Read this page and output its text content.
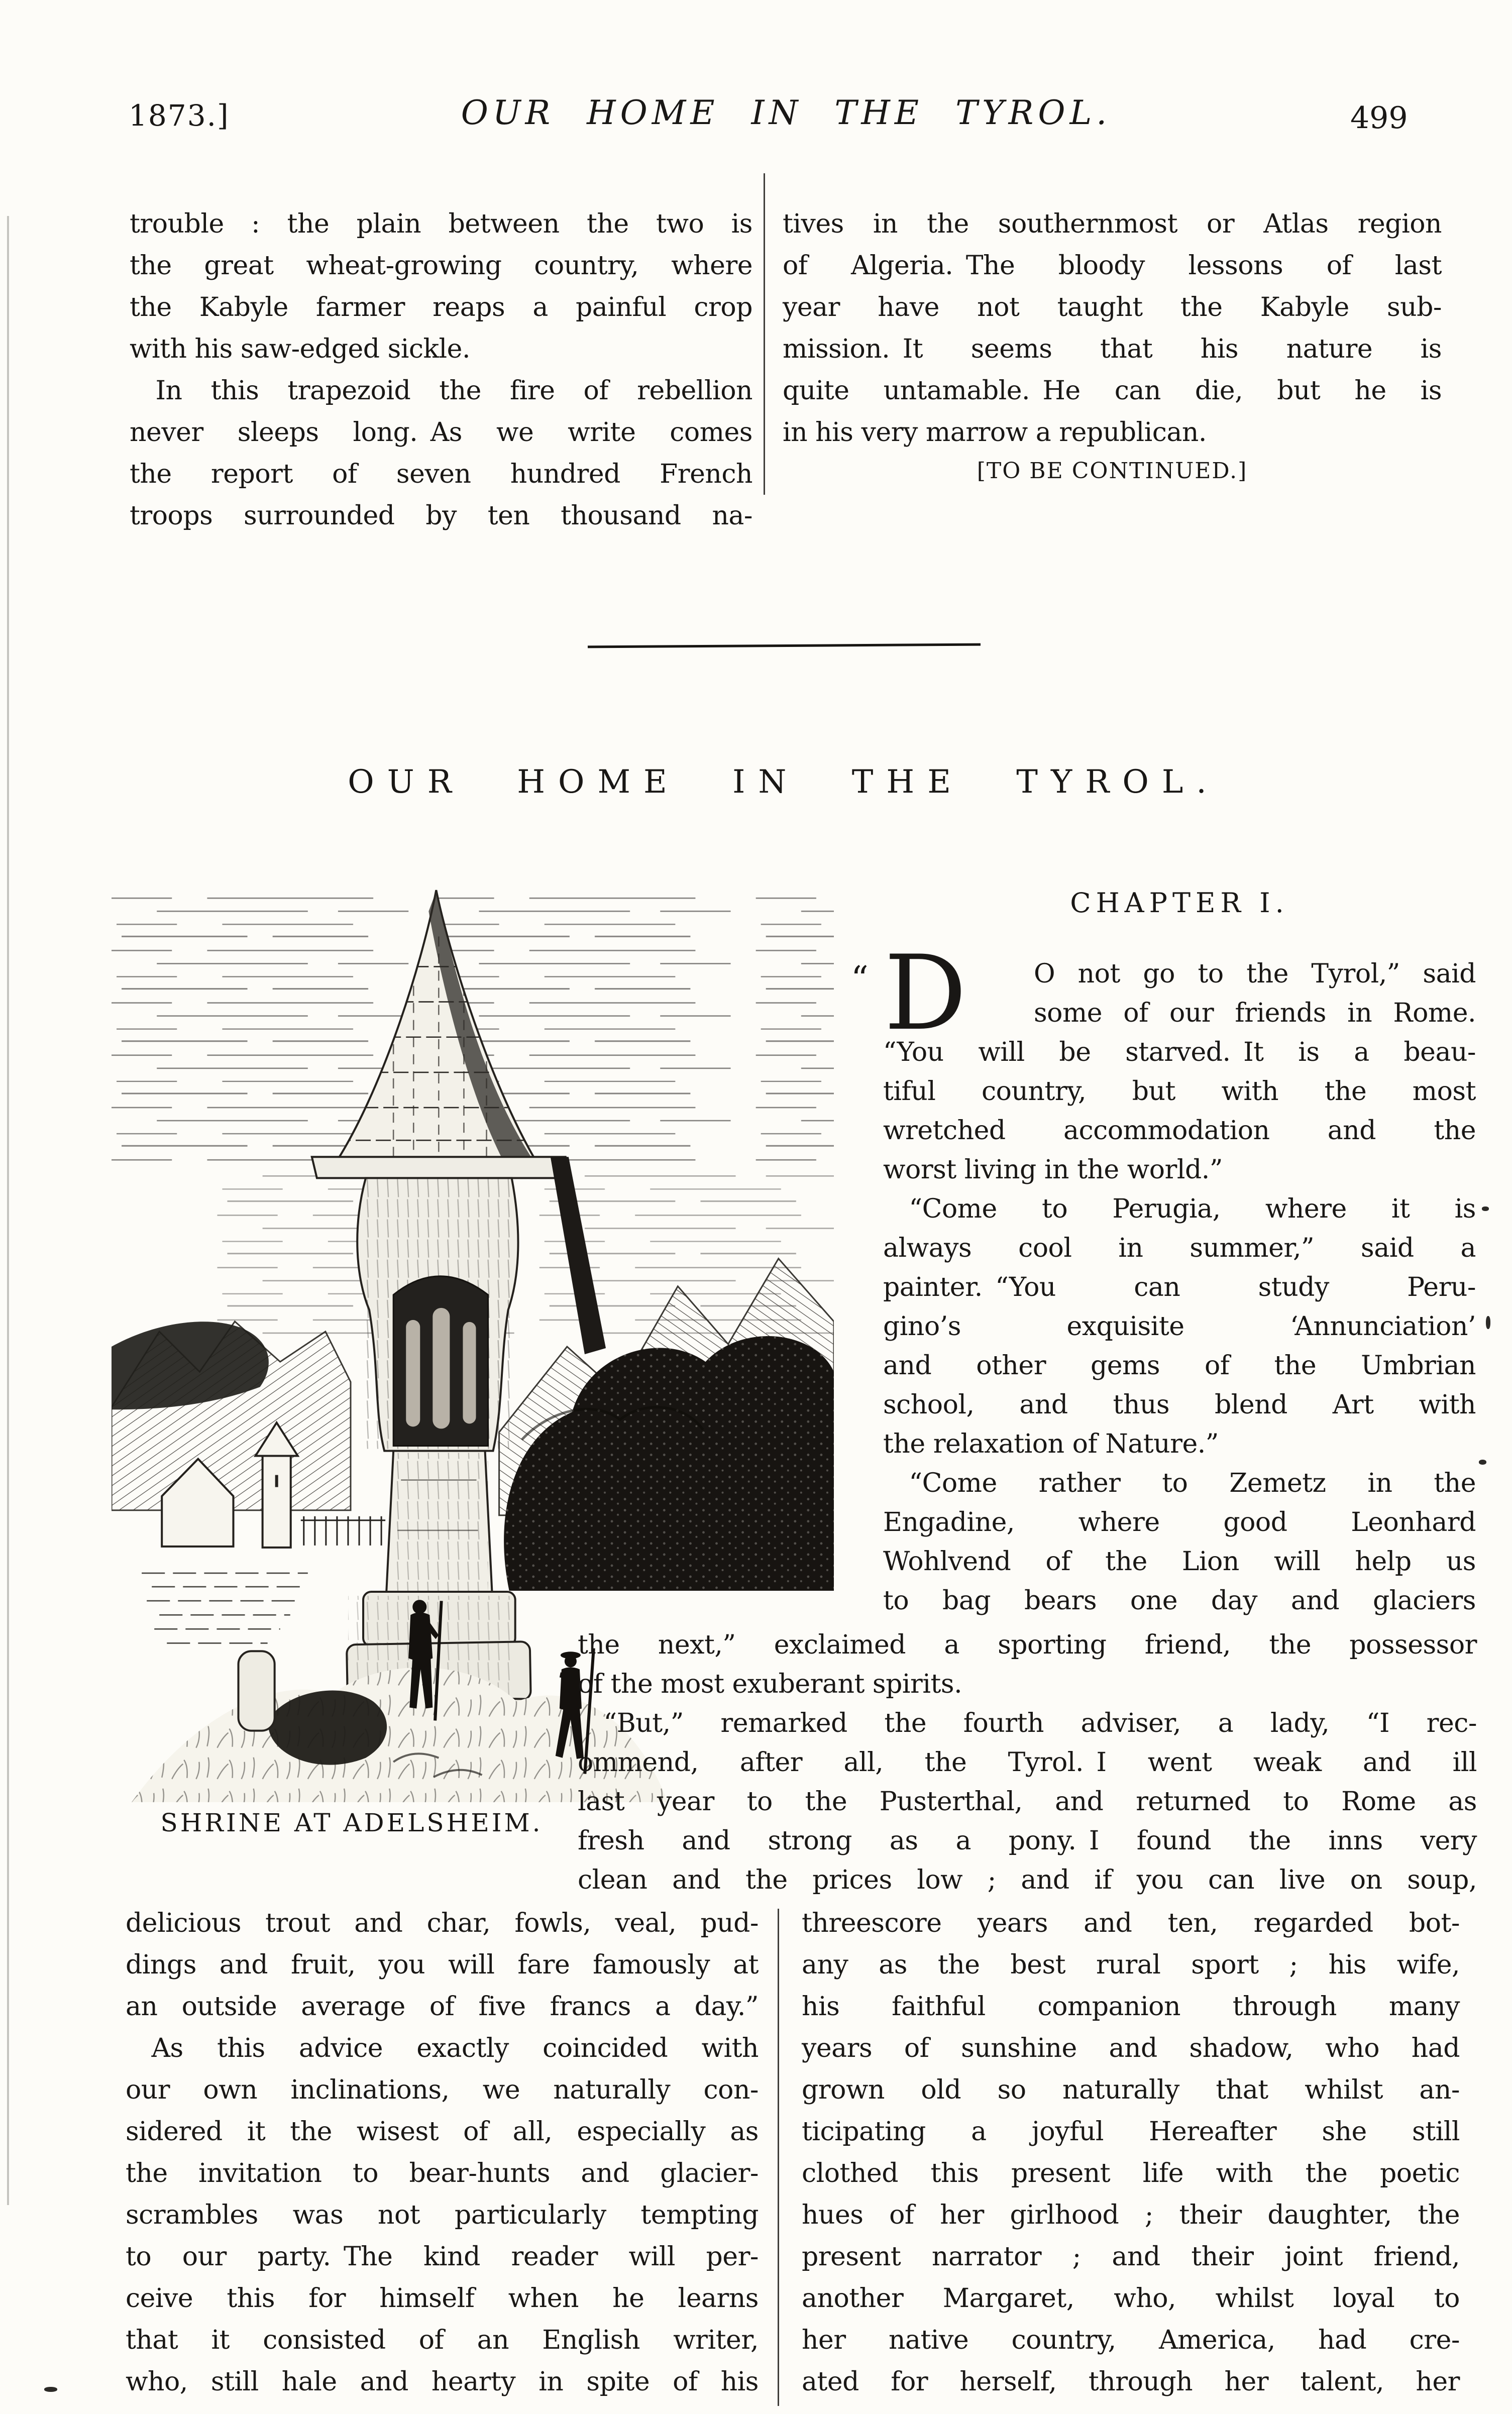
1873.]	OUR HOME IN THE TYROL.	499
trouble : the plain between the two is
the great wheat-growing country, where
the Kabyle farmer reaps a painful crop
with his saw-edged sickle.
 In this trapezoid the fire of rebellion
never sleeps long. As we write comes
the report of seven hundred French
troops surrounded by ten thousand na-
tives in the southernmost or Atlas region
of Algeria. The bloody lessons of last
year have not taught the Kabyle sub-
mission. It seems that his nature is
quite untamable. He can die, but he is
in his very marrow a republican.
[TO BE CONTINUED.]
OUR HOME IN THE TYROL.
CHAPTER I.
SHRINE AT ADELSHEIM.
“ D	O not go to the Tyrol,” said
some of our friends in Rome.
“You will be starved. It is a beau-
tiful country, but with the most
wretched accommodation and the
worst living in the world.”
 “Come to Perugia, where it is
always cool in summer,” said a
painter. “You can study Peru-
gino’s exquisite ‘Annunciation’
and other gems of the Umbrian
school, and thus blend Art with
the relaxation of Nature.”
 “Come rather to Zemetz in the
Engadine, where good Leonhard
Wohlvend of the Lion will help us
to bag bears one day and glaciers
the next,” exclaimed a sporting friend, the possessor
of the most exuberant spirits.
 “But,” remarked the fourth adviser, a lady, “I rec-
ommend, after all, the Tyrol. I went weak and ill
last year to the Pusterthal, and returned to Rome as
fresh and strong as a pony. I found the inns very
clean and the prices low ; and if you can live on soup,
delicious trout and char, fowls, veal, pud-
dings and fruit, you will fare famously at
an outside average of five francs a day.”
 As this advice exactly coincided with
our own inclinations, we naturally con-
sidered it the wisest of all, especially as
the invitation to bear-hunts and glacier-
scrambles was not particularly tempting
to our party. The kind reader will per-
ceive this for himself when he learns
that it consisted of an English writer,
who, still hale and hearty in spite of his
threescore years and ten, regarded bot-
any as the best rural sport ; his wife,
his faithful companion through many
years of sunshine and shadow, who had
grown old so naturally that whilst an-
ticipating a joyful Hereafter she still
clothed this present life with the poetic
hues of her girlhood ; their daughter, the
present narrator ; and their joint friend,
another Margaret, who, whilst loyal to
her native country, America, had cre-
ated for herself, through her talent, her
